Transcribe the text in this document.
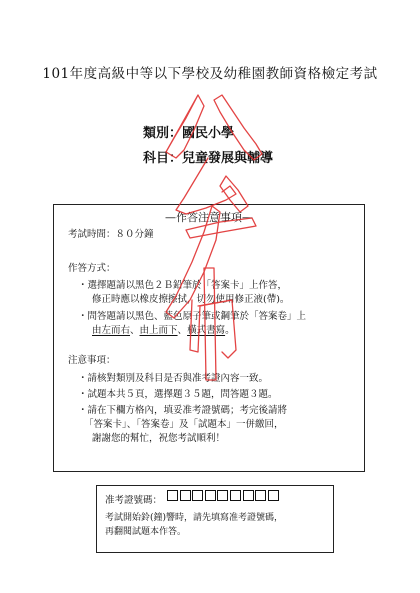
101年度高級中等以下學校及幼稚園教師資格檢定考試
類別：國民小學
科目：兒童發展與輔導
—作答注意事項—
考試時間：８０分鐘
作答方式：
・選擇題請以黑色２Ｂ鉛筆於「答案卡」上作答，
修正時應以橡皮擦擦拭，切勿使用修正液(帶)。
・問答題請以黑色、藍色原子筆或鋼筆於「答案卷」上
由左而右、由上而下、橫式書寫。
注意事項：
・請核對類別及科目是否與准考證內容一致。
・試題本共５頁，選擇題３５題，問答題３題。
・請在下欄方格內，填妥准考證號碼；考完後請將
「答案卡」、「答案卷」及「試題本」一併繳回，
謝謝您的幫忙，祝您考試順利！
准考證號碼：
考試開始鈴(鐘)響時，請先填寫准考證號碼，
再翻閱試題本作答。
